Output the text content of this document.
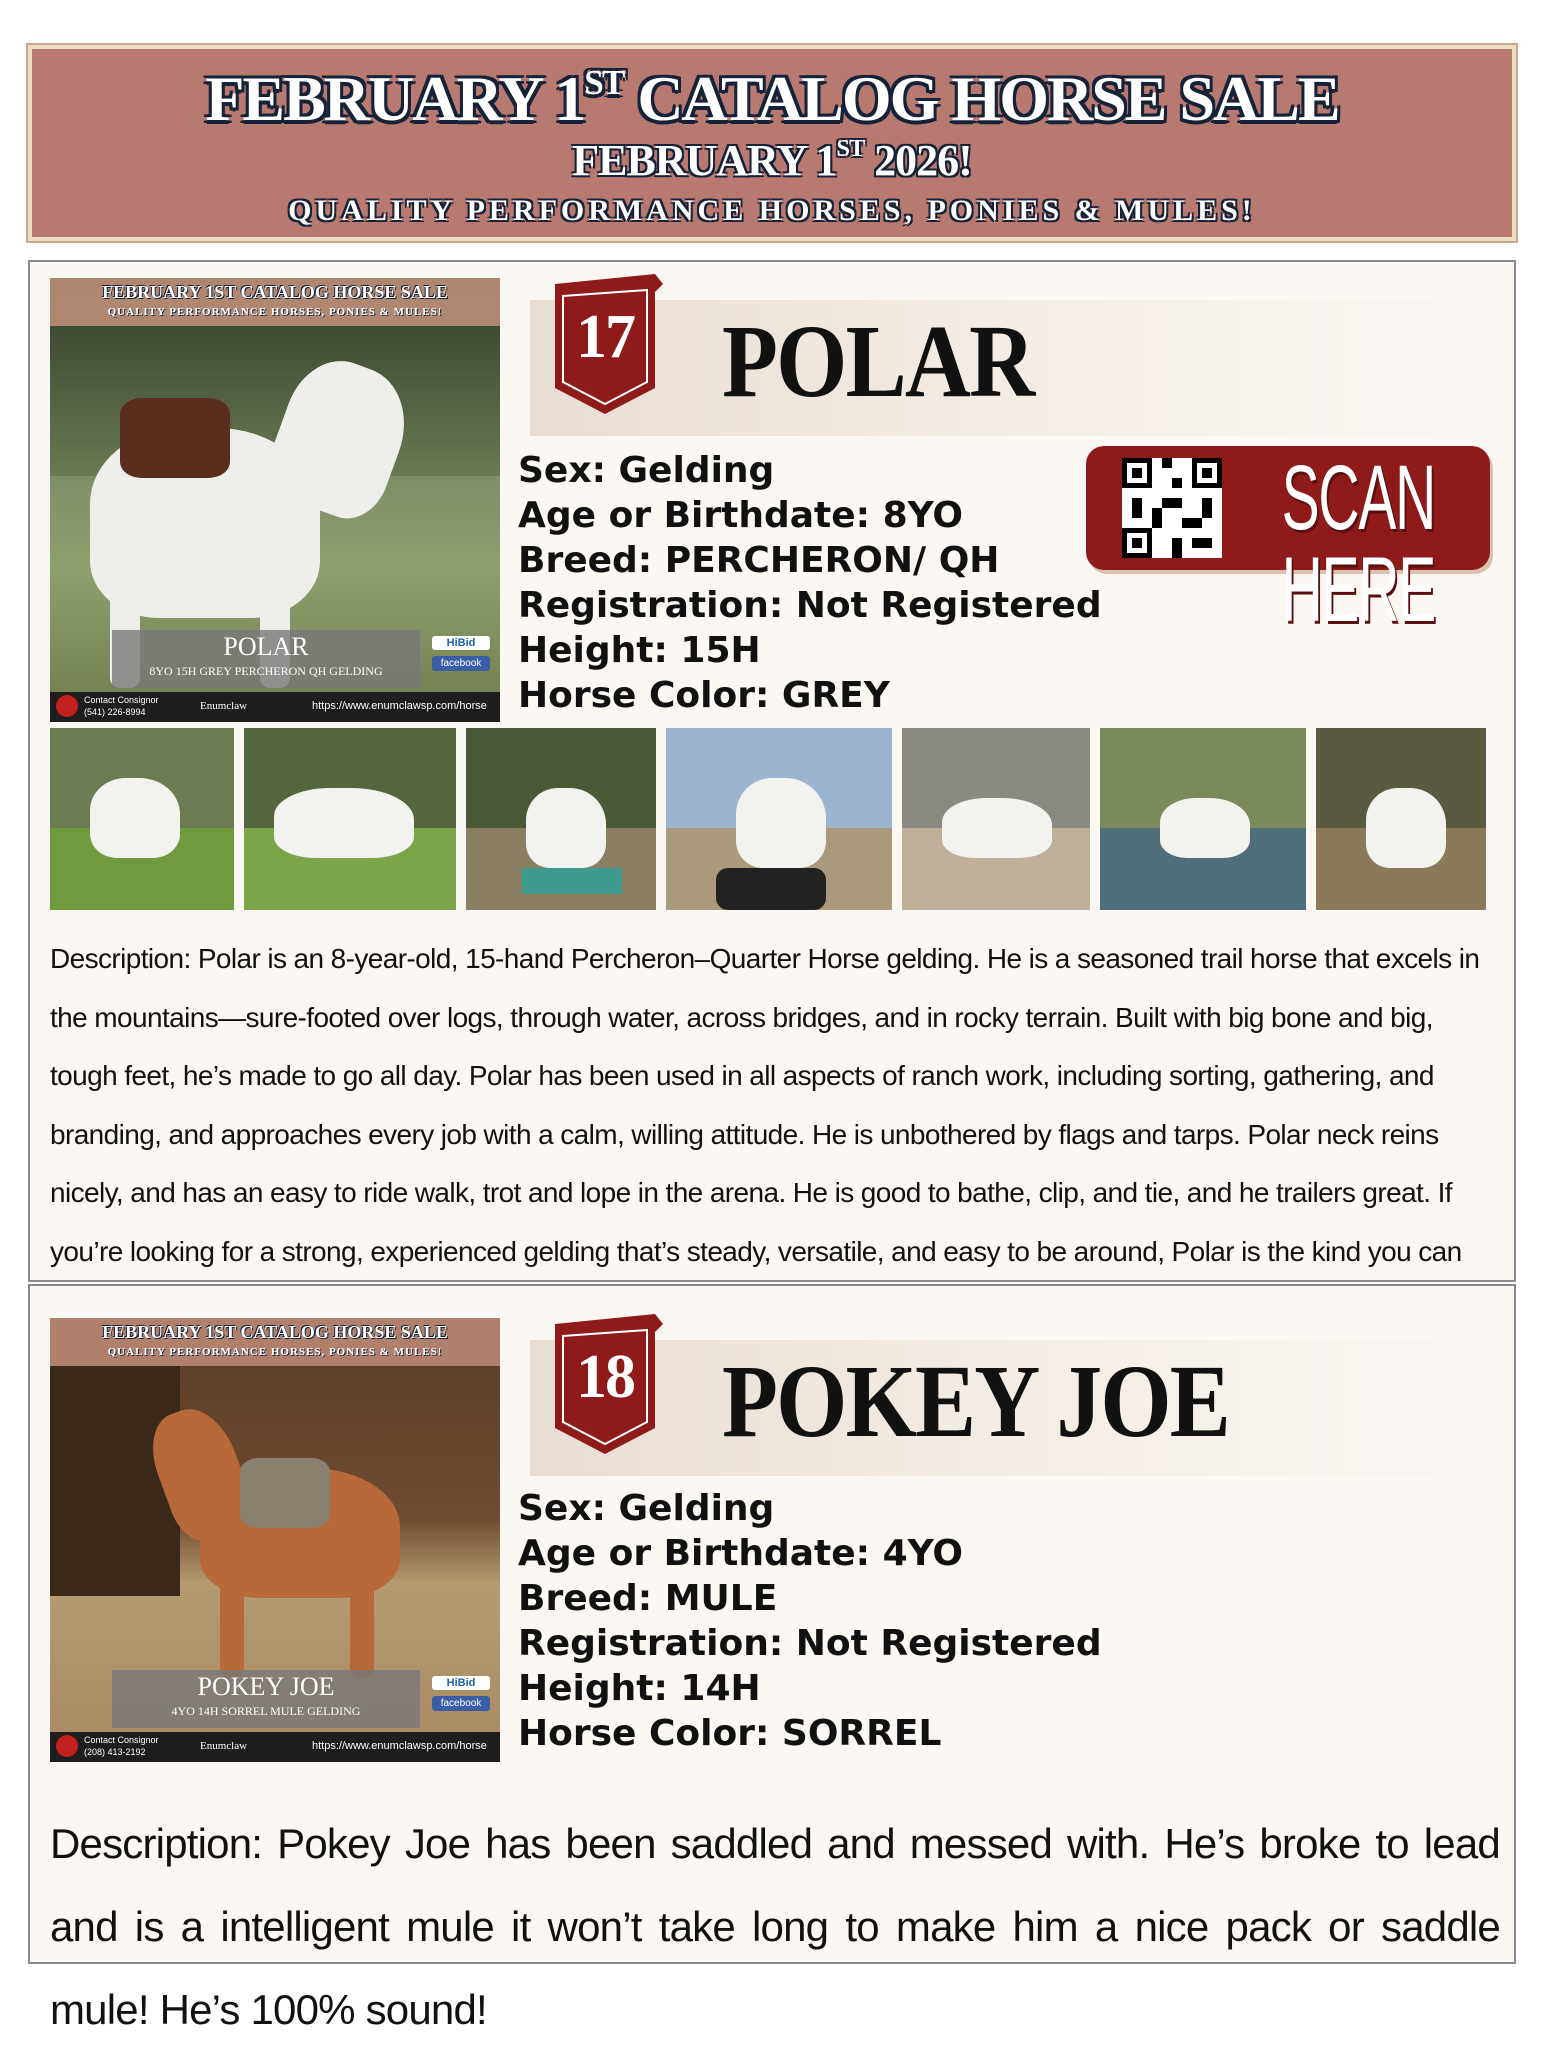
FEBRUARY 1ST CATALOG HORSE SALE
FEBRUARY 1ST 2026!
QUALITY PERFORMANCE HORSES, PONIES & MULES!
FEBRUARY 1ST CATALOG HORSE SALE
QUALITY PERFORMANCE HORSES, PONIES & MULES!
POLAR
8YO 15H GREY PERCHERON QH GELDING
HiBid
facebook
Contact Consignor
(541) 226-8994	Enumclaw	https://www.enumclawsp.com/horse
17 POLAR
Sex: Gelding
Age or Birthdate: 8YO
Breed: PERCHERON/ QH
Registration: Not Registered
Height: 15H
Horse Color: GREY
SCAN HERE
Description: Polar is an 8-year-old, 15-hand Percheron–Quarter Horse gelding. He is a seasoned trail horse that excels in the mountains—sure-footed over logs, through water, across bridges, and in rocky terrain. Built with big bone and big, tough feet, he’s made to go all day. Polar has been used in all aspects of ranch work, including sorting, gathering, and branding, and approaches every job with a calm, willing attitude. He is unbothered by flags and tarps. Polar neck reins nicely, and has an easy to ride walk, trot and lope in the arena. He is good to bathe, clip, and tie, and he trailers great. If you’re looking for a strong, experienced gelding that’s steady, versatile, and easy to be around, Polar is the kind you can
FEBRUARY 1ST CATALOG HORSE SALE
QUALITY PERFORMANCE HORSES, PONIES & MULES!
POKEY JOE
4YO 14H SORREL MULE GELDING
HiBid
facebook
Contact Consignor
(208) 413-2192	Enumclaw	https://www.enumclawsp.com/horse
18 POKEY JOE
Sex: Gelding
Age or Birthdate: 4YO
Breed: MULE
Registration: Not Registered
Height: 14H
Horse Color: SORREL
Description: Pokey Joe has been saddled and messed with. He’s broke to lead and is a intelligent mule it won’t take long to make him a nice pack or saddle mule! He’s 100% sound!
